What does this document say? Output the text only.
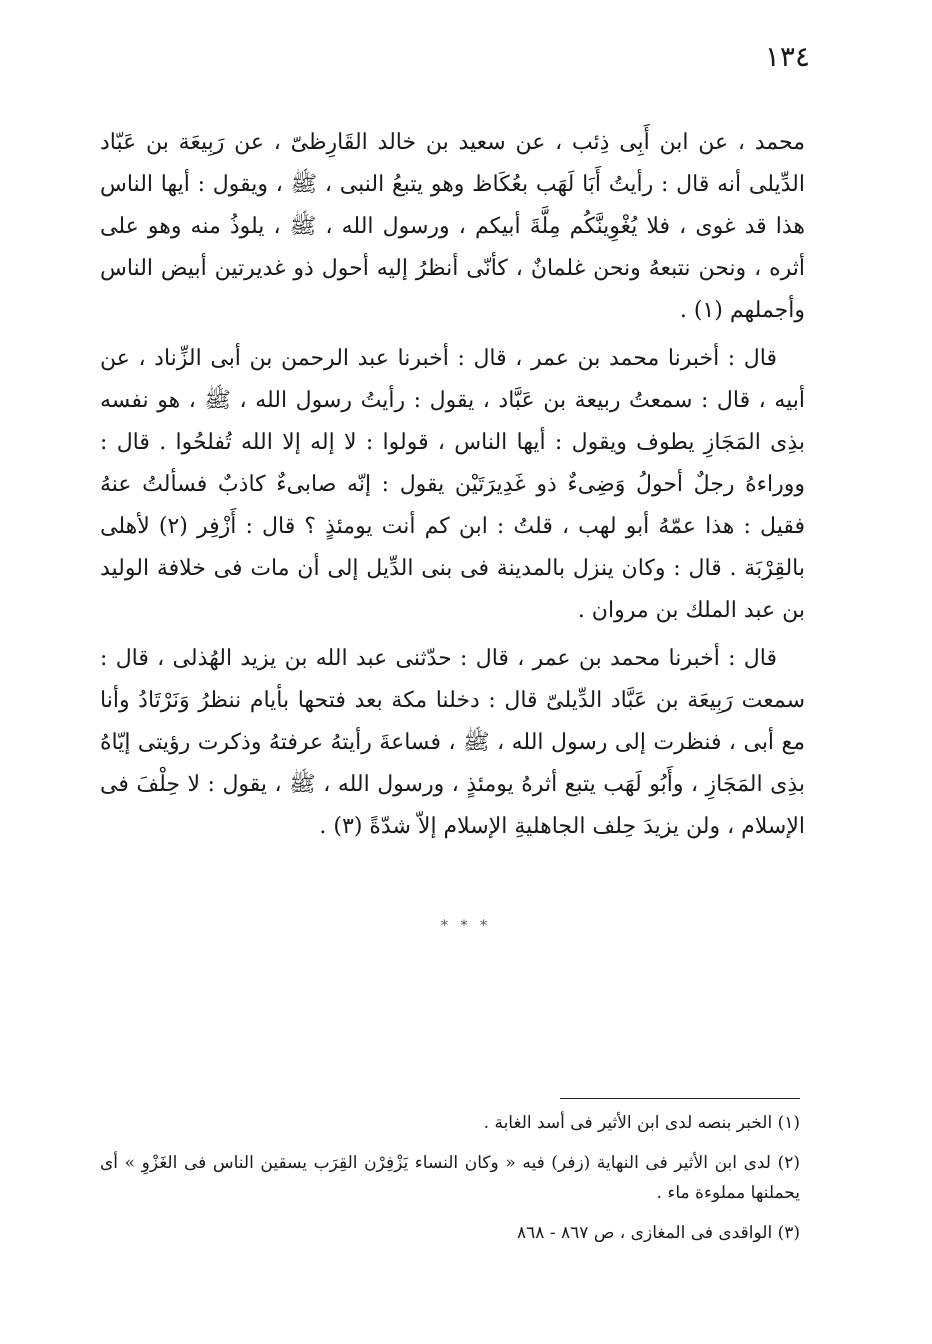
١٣٤

محمد ، عن ابن أَبِى ذِئب ، عن سعيد بن خالد القَارِظىّ ، عن رَبِيعَة بن عَبّاد الدِّيلى أنه قال : رأيتُ أَبَا لَهَب بعُكَاظ وهو يتبعُ النبى ، ﷺ ، ويقول : أيها الناس هذا قد غوى ، فلا يُغْوِينَّكُم مِلَّةَ أبيكم ، ورسول الله ، ﷺ ، يلوذُ منه وهو على أثره ، ونحن نتبعهُ ونحن غلمانٌ ، كأنّى أنظرُ إليه أحول ذو غديرتين أبيض الناس وأجملهم (١) .

قال : أخبرنا محمد بن عمر ، قال : أخبرنا عبد الرحمن بن أبى الزِّناد ، عن أبيه ، قال : سمعتُ ربيعة بن عَبَّاد ، يقول : رأيتُ رسول الله ، ﷺ ، هو نفسه بذِى المَجَازِ يطوف ويقول : أيها الناس ، قولوا : لا إله إلا الله تُفلحُوا . قال : ووراءهُ رجلٌ أحولُ وَضِىءٌ ذو غَدِيرَتَيْن يقول : إنّه صابىءٌ كاذبٌ فسألتُ عنهُ فقيل : هذا عمّهُ أبو لهب ، قلتُ : ابن كم أنت يومئذٍ ؟ قال : أَزْفِر (٢) لأهلى بالقِرْبَة . قال : وكان ينزل بالمدينة فى بنى الدِّيل إلى أن مات فى خلافة الوليد بن عبد الملك بن مروان .

قال : أخبرنا محمد بن عمر ، قال : حدّثنى عبد الله بن يزيد الهُذلى ، قال : سمعت رَبِيعَة بن عَبَّاد الدِّيلىّ قال : دخلنا مكة بعد فتحها بأيام ننظرُ وَنَرْتَادُ وأنا مع أبى ، فنظرت إلى رسول الله ، ﷺ ، فساعةَ رأيتهُ عرفتهُ وذكرت رؤيتى إيّاهُ بذِى المَجَازِ ، وأَبُو لَهَب يتبع أثرهُ يومئذٍ ، ورسول الله ، ﷺ ، يقول : لا حِلْفَ فى الإسلام ، ولن يزيدَ حِلف الجاهليةِ الإسلام إلاّ شدّةً (٣) .

* * *

(١) الخبر بنصه لدى ابن الأثير فى أسد الغابة .

(٢) لدى ابن الأثير فى النهاية (زفر) فيه « وكان النساء يَزْفِرْن القِرَب يسقين الناس فى الغَزْوِ » أى يحملنها مملوءة ماء .

(٣) الواقدى فى المغازى ، ص ٨٦٧ - ٨٦٨
